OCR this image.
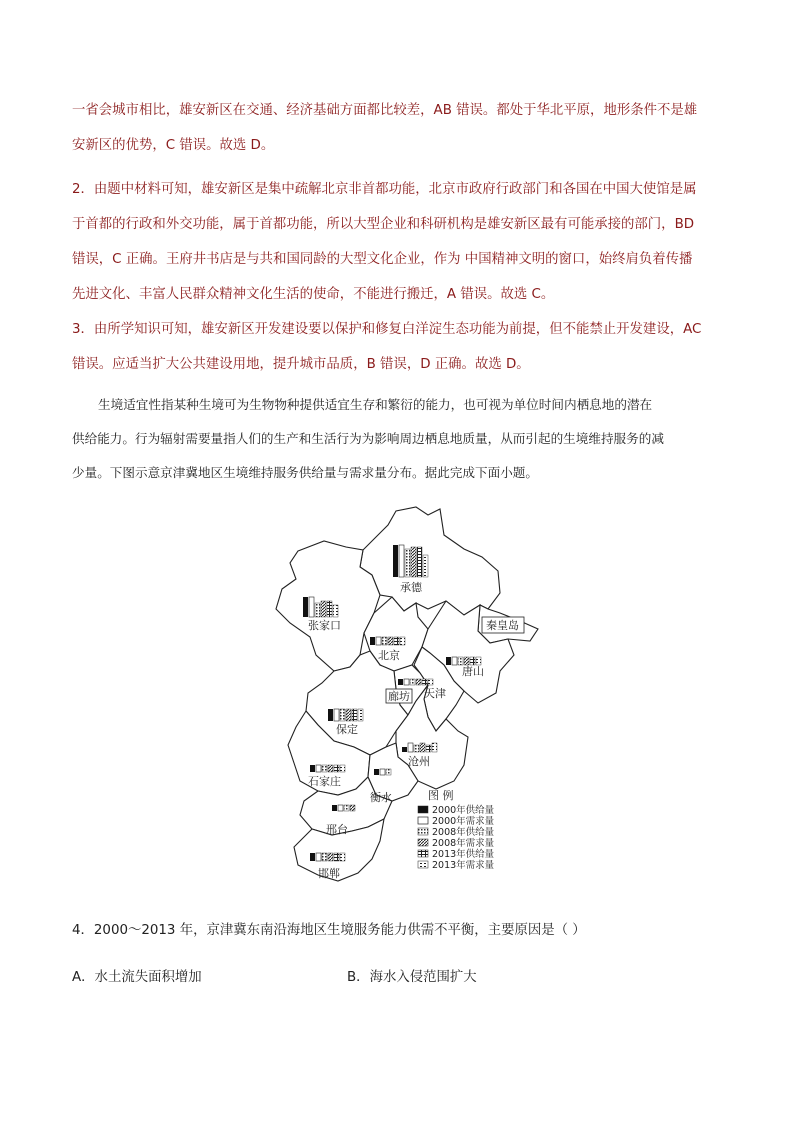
一省会城市相比，雄安新区在交通、经济基础方面都比较差，AB 错误。都处于华北平原，地形条件不是雄

安新区的优势，C 错误。故选 D。

2．由题中材料可知，雄安新区是集中疏解北京非首都功能，北京市政府行政部门和各国在中国大使馆是属

于首都的行政和外交功能，属于首都功能，所以大型企业和科研机构是雄安新区最有可能承接的部门，BD

错误，C 正确。王府井书店是与共和国同龄的大型文化企业，作为 中国精神文明的窗口，始终肩负着传播

先进文化、丰富人民群众精神文化生活的使命，不能进行搬迁，A 错误。故选 C。

3．由所学知识可知，雄安新区开发建设要以保护和修复白洋淀生态功能为前提，但不能禁止开发建设，AC

错误。应适当扩大公共建设用地，提升城市品质，B 错误，D 正确。故选 D。

生境适宜性指某种生境可为生物物种提供适宜生存和繁衍的能力，也可视为单位时间内栖息地的潜在

供给能力。行为辐射需要量指人们的生产和生活行为为影响周边栖息地质量，从而引起的生境维持服务的减

少量。下图示意京津冀地区生境维持服务供给量与需求量分布。据此完成下面小题。

承德
张家口	秦皇岛
北京
唐山
廊坊 天津
保定
沧州
石家庄
衡水
邢台
邯郸
图 例
2000年供给量
2000年需求量
2008年供给量
2008年需求量
2013年供给量
2013年需求量
4．2000～2013 年，京津冀东南沿海地区生境服务能力供需不平衡，主要原因是（ ）
A．水土流失面积增加	B．海水入侵范围扩大
